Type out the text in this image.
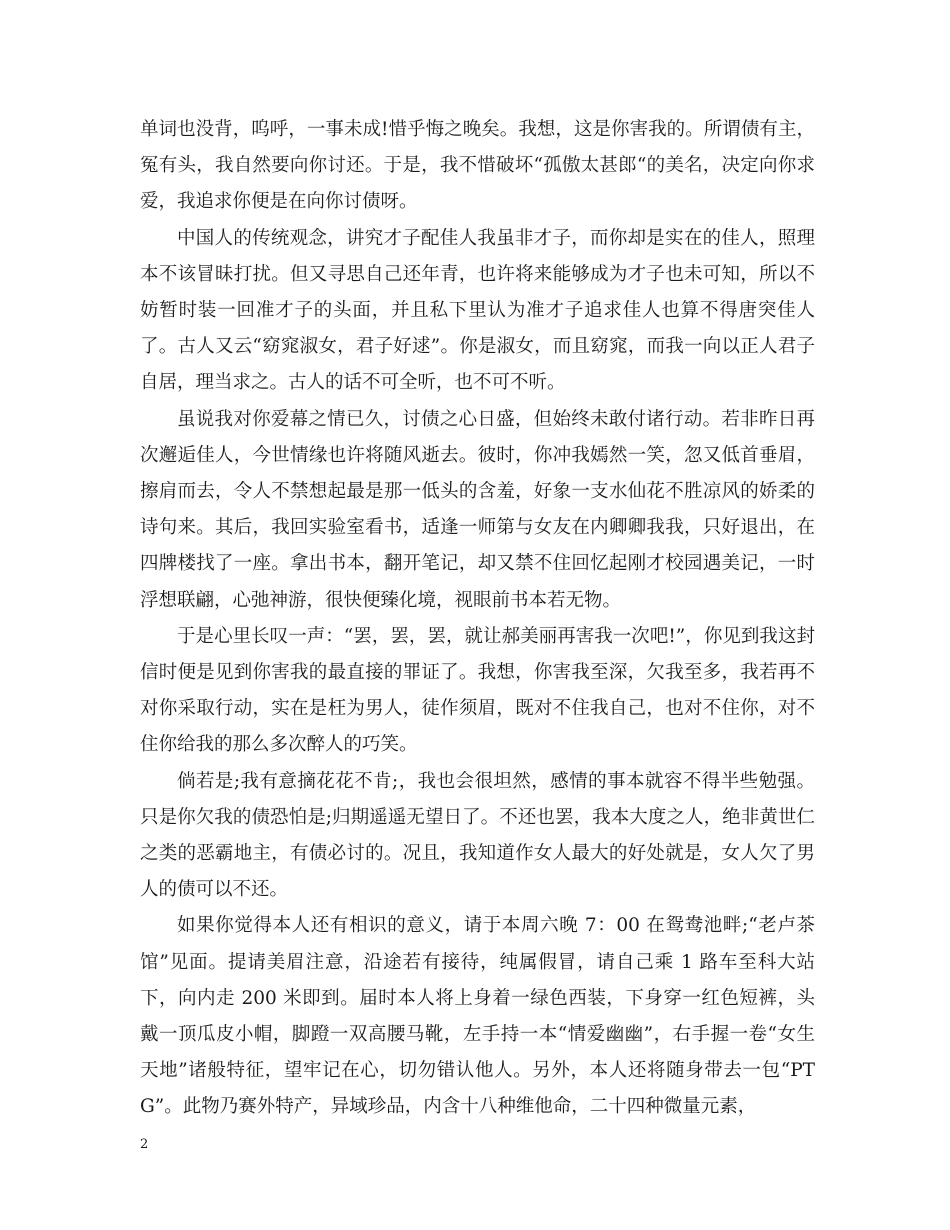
单词也没背，呜呼，一事未成!惜乎悔之晚矣。我想，这是你害我的。所谓债有主，冤有头，我自然要向你讨还。于是，我不惜破坏“孤傲太甚郎“的美名，决定向你求爱，我追求你便是在向你讨债呀。

中国人的传统观念，讲究才子配佳人我虽非才子，而你却是实在的佳人，照理本不该冒昧打扰。但又寻思自己还年青，也许将来能够成为才子也未可知，所以不妨暂时装一回准才子的头面，并且私下里认为准才子追求佳人也算不得唐突佳人了。古人又云“窈窕淑女，君子好逑”。你是淑女，而且窈窕，而我一向以正人君子自居，理当求之。古人的话不可全听，也不可不听。

虽说我对你爱幕之情已久，讨债之心日盛，但始终未敢付诸行动。若非昨日再次邂逅佳人，今世情缘也许将随风逝去。彼时，你冲我嫣然一笑，忽又低首垂眉，擦肩而去，令人不禁想起最是那一低头的含羞，好象一支水仙花不胜凉风的娇柔的诗句来。其后，我回实验室看书，适逢一师第与女友在内卿卿我我，只好退出，在四牌楼找了一座。拿出书本，翻开笔记，却又禁不住回忆起刚才校园遇美记，一时浮想联翩，心弛神游，很快便臻化境，视眼前书本若无物。

于是心里长叹一声：“罢，罢，罢，就让郝美丽再害我一次吧!”，你见到我这封信时便是见到你害我的最直接的罪证了。我想，你害我至深，欠我至多，我若再不对你采取行动，实在是枉为男人，徒作须眉，既对不住我自己，也对不住你，对不住你给我的那么多次醉人的巧笑。

倘若是;我有意摘花花不肯;，我也会很坦然，感情的事本就容不得半些勉强。只是你欠我的债恐怕是;归期遥遥无望日了。不还也罢，我本大度之人，绝非黄世仁之类的恶霸地主，有债必讨的。况且，我知道作女人最大的好处就是，女人欠了男人的债可以不还。

如果你觉得本人还有相识的意义，请于本周六晚 7：00 在鸳鸯池畔;“老卢茶馆”见面。提请美眉注意，沿途若有接待，纯属假冒，请自己乘 1 路车至科大站下，向内走 200 米即到。届时本人将上身着一绿色西装，下身穿一红色短裤，头戴一顶瓜皮小帽，脚蹬一双高腰马靴，左手持一本“情爱幽幽”，右手握一卷“女生天地”诸般特征，望牢记在心，切勿错认他人。另外，本人还将随身带去一包“PTG”。此物乃赛外特产，异域珍品，内含十八种维他命，二十四种微量元素，

2
